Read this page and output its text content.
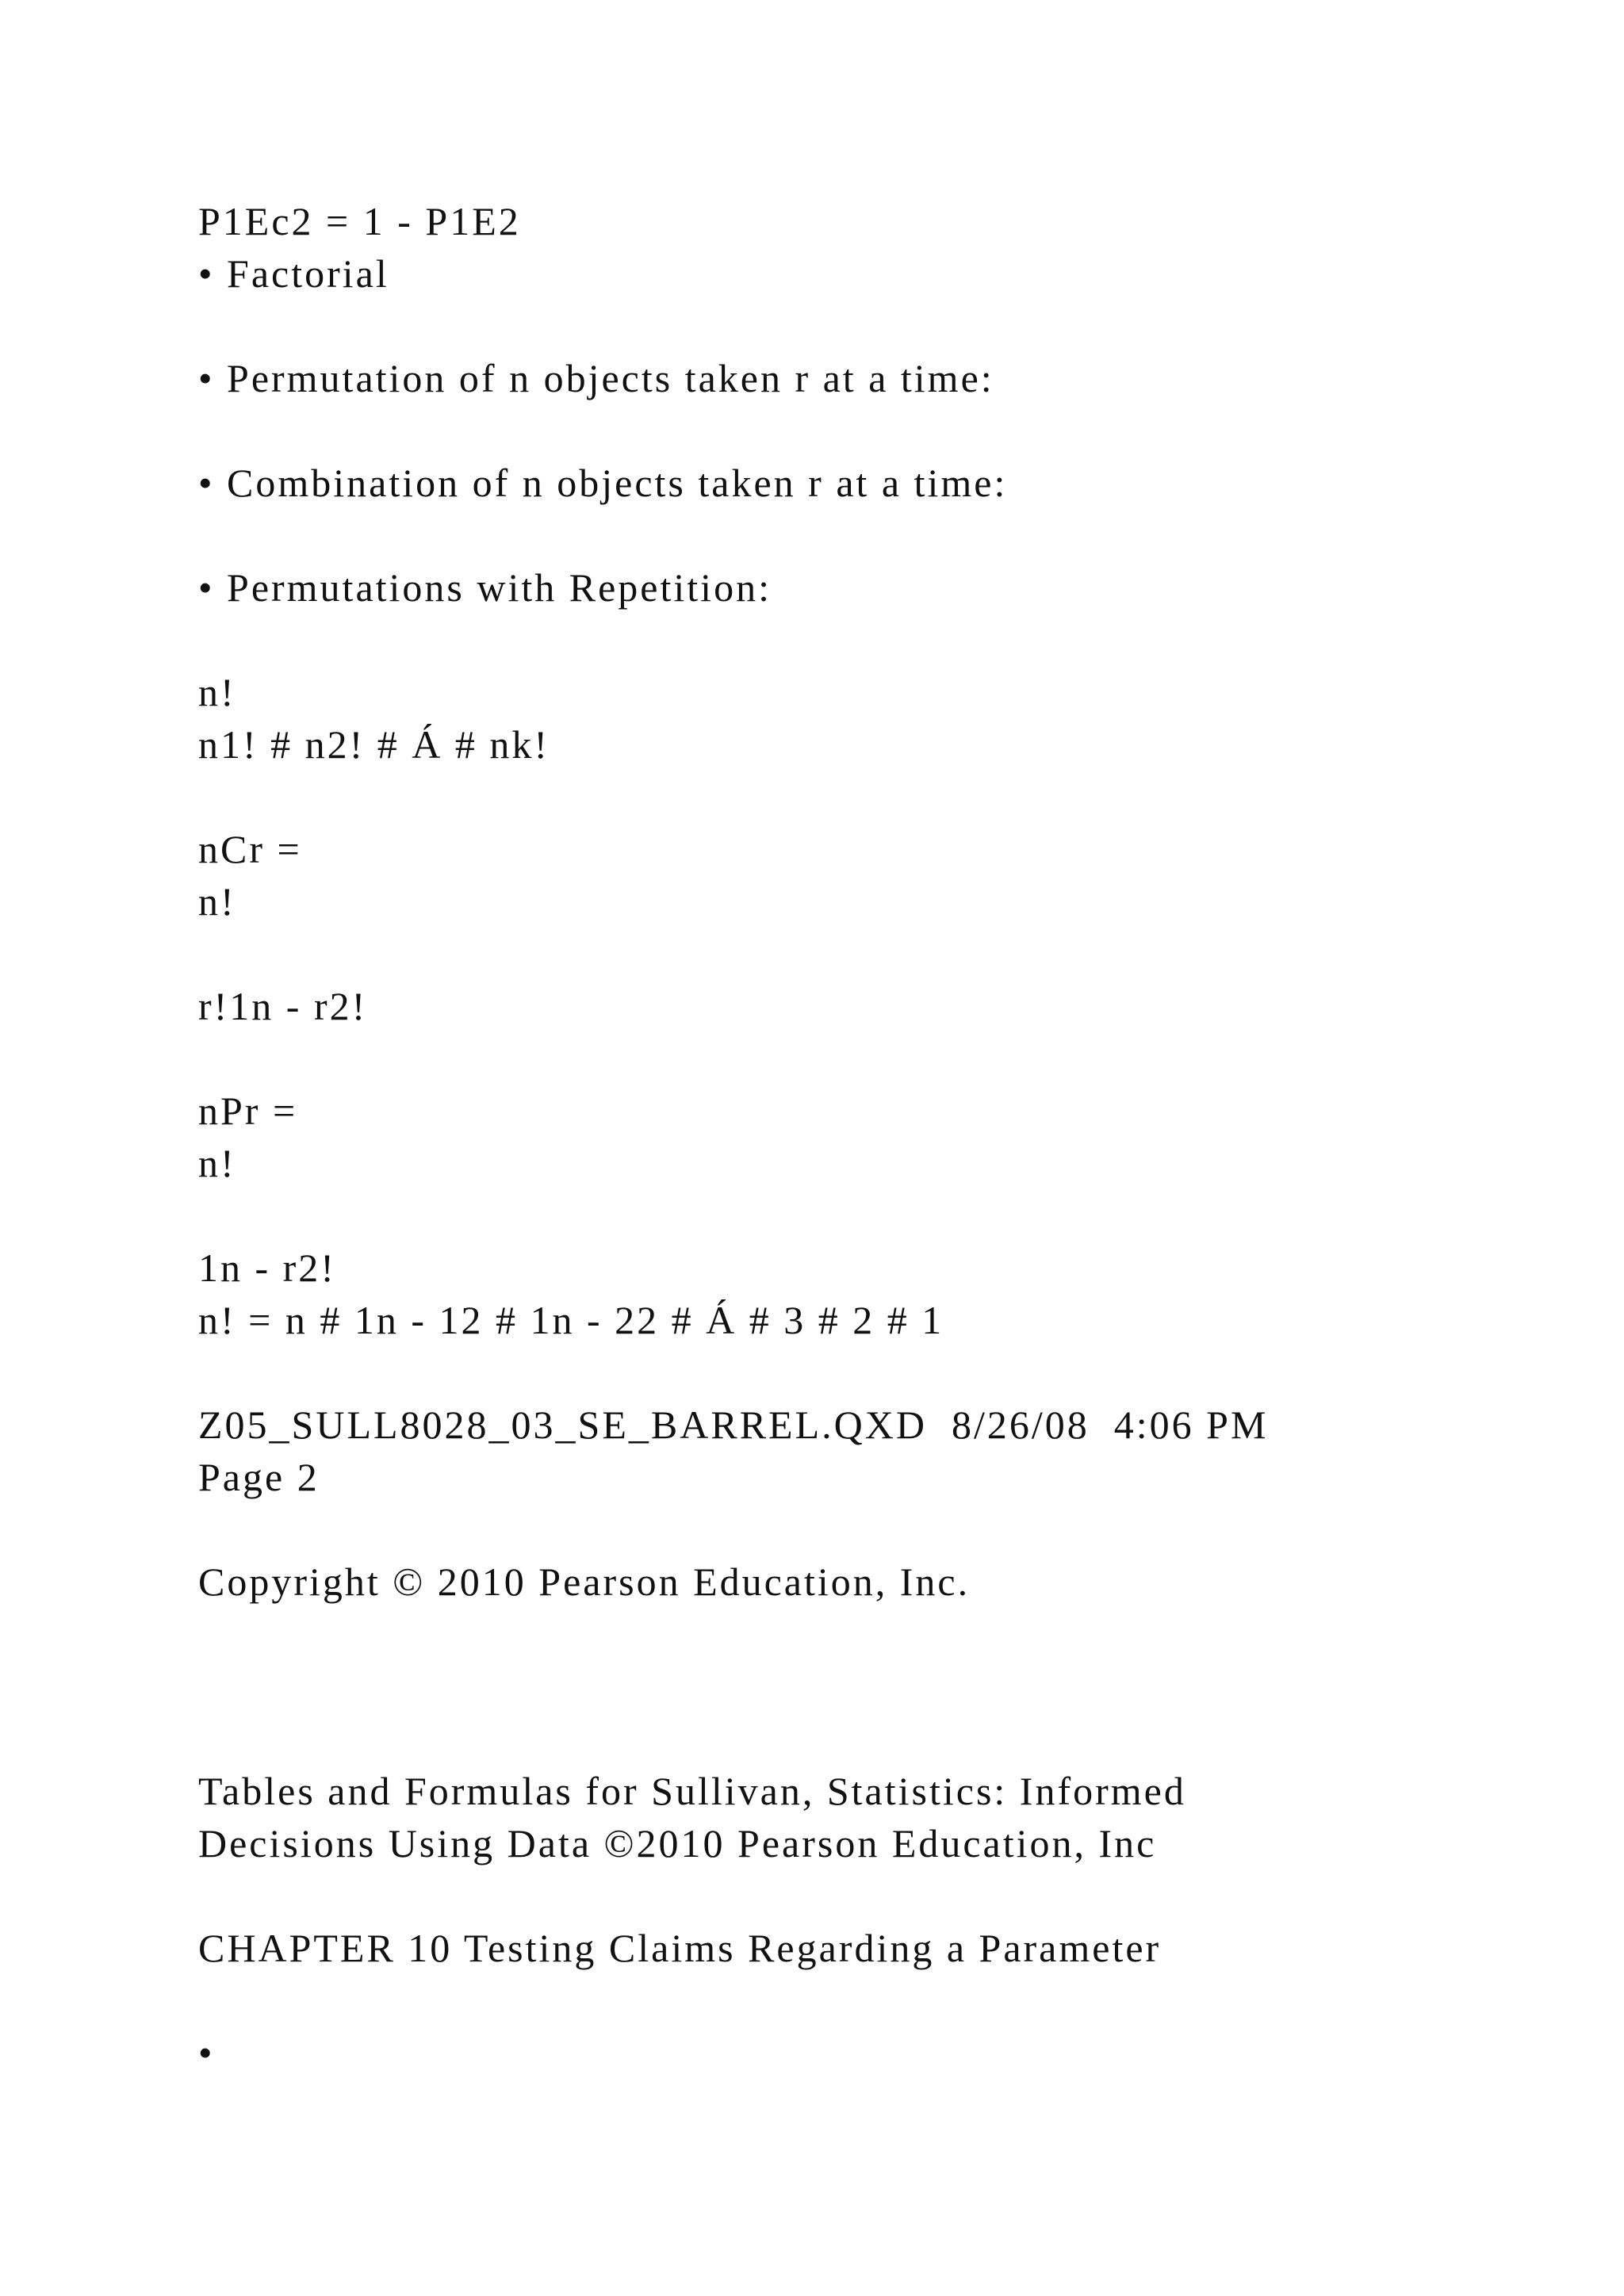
P1Ec2 = 1 - P1E2
• Factorial
• Permutation of n objects taken r at a time:
• Combination of n objects taken r at a time:
• Permutations with Repetition:
n!
n1! # n2! # Á # nk!
nCr =
n!
r!1n - r2!
nPr =
n!
1n - r2!
n! = n # 1n - 12 # 1n - 22 # Á # 3 # 2 # 1
Z05_SULL8028_03_SE_BARREL.QXD  8/26/08  4:06 PM
Page 2
Copyright © 2010 Pearson Education, Inc.
Tables and Formulas for Sullivan, Statistics: Informed
Decisions Using Data ©2010 Pearson Education, Inc
CHAPTER 10 Testing Claims Regarding a Parameter
•
